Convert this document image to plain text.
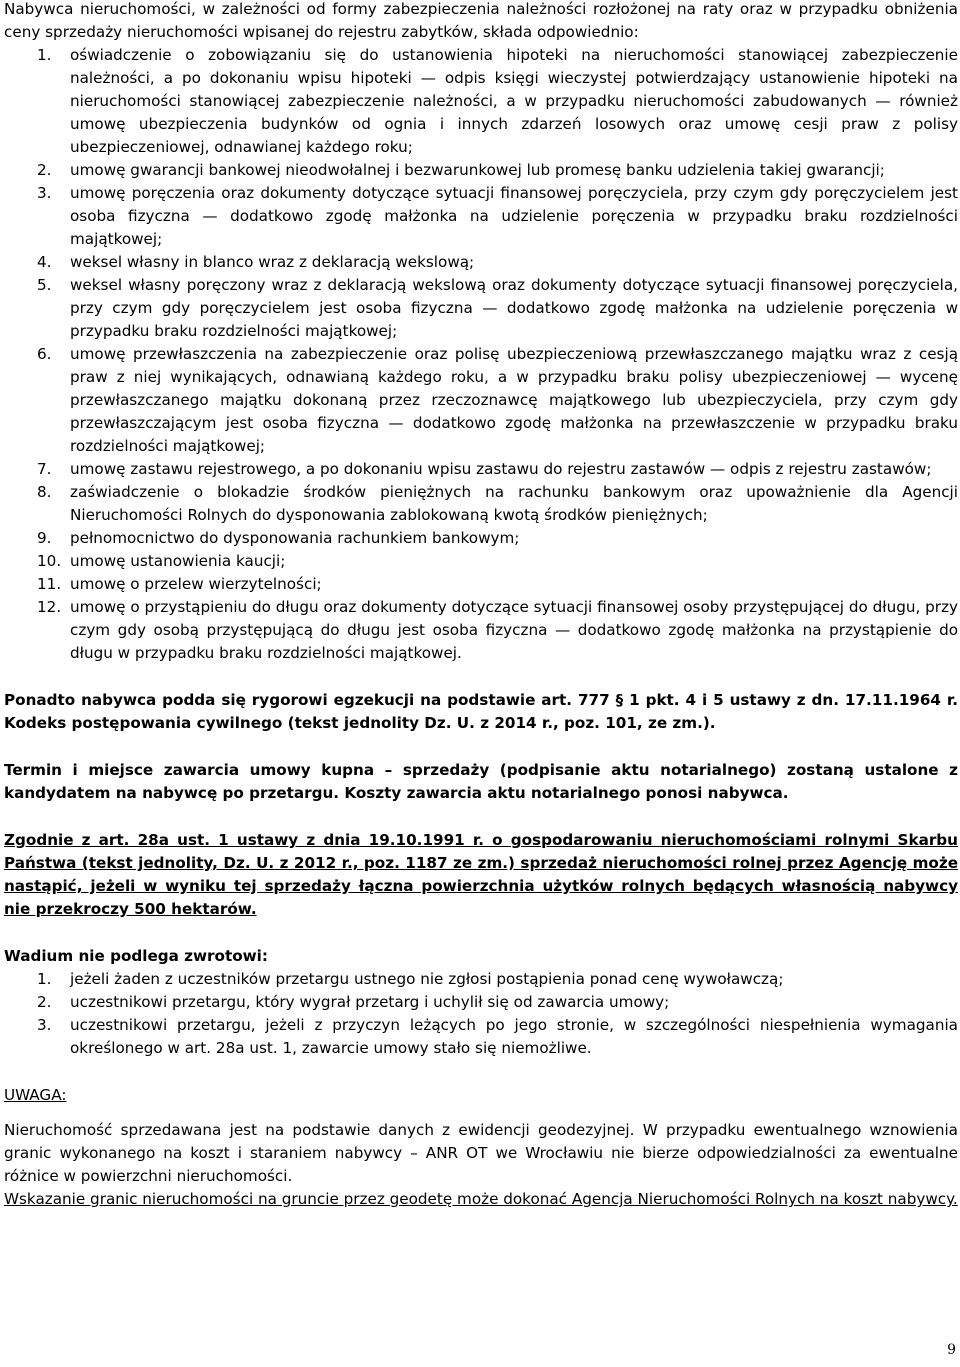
Nabywca nieruchomości, w zależności od formy zabezpieczenia należności rozłożonej na raty oraz w przypadku obniżenia ceny sprzedaży nieruchomości wpisanej do rejestru zabytków, składa odpowiednio:

1. oświadczenie o zobowiązaniu się do ustanowienia hipoteki na nieruchomości stanowiącej zabezpieczenie należności, a po dokonaniu wpisu hipoteki — odpis księgi wieczystej potwierdzający ustanowienie hipoteki na nieruchomości stanowiącej zabezpieczenie należności, a w przypadku nieruchomości zabudowanych — również umowę ubezpieczenia budynków od ognia i innych zdarzeń losowych oraz umowę cesji praw z polisy ubezpieczeniowej, odnawianej każdego roku;
2. umowę gwarancji bankowej nieodwołalnej i bezwarunkowej lub promesę banku udzielenia takiej gwarancji;
3. umowę poręczenia oraz dokumenty dotyczące sytuacji finansowej poręczyciela, przy czym gdy poręczycielem jest osoba fizyczna — dodatkowo zgodę małżonka na udzielenie poręczenia w przypadku braku rozdzielności majątkowej;
4. weksel własny in blanco wraz z deklaracją wekslową;
5. weksel własny poręczony wraz z deklaracją wekslową oraz dokumenty dotyczące sytuacji finansowej poręczyciela, przy czym gdy poręczycielem jest osoba fizyczna — dodatkowo zgodę małżonka na udzielenie poręczenia w przypadku braku rozdzielności majątkowej;
6. umowę przewłaszczenia na zabezpieczenie oraz polisę ubezpieczeniową przewłaszczanego majątku wraz z cesją praw z niej wynikających, odnawianą każdego roku, a w przypadku braku polisy ubezpieczeniowej — wycenę przewłaszczanego majątku dokonaną przez rzeczoznawcę majątkowego lub ubezpieczyciela, przy czym gdy przewłaszczającym jest osoba fizyczna — dodatkowo zgodę małżonka na przewłaszczenie w przypadku braku rozdzielności majątkowej;
7. umowę zastawu rejestrowego, a po dokonaniu wpisu zastawu do rejestru zastawów — odpis z rejestru zastawów;
8. zaświadczenie o blokadzie środków pieniężnych na rachunku bankowym oraz upoważnienie dla Agencji Nieruchomości Rolnych do dysponowania zablokowaną kwotą środków pieniężnych;
9. pełnomocnictwo do dysponowania rachunkiem bankowym;
10. umowę ustanowienia kaucji;
11. umowę o przelew wierzytelności;
12. umowę o przystąpieniu do długu oraz dokumenty dotyczące sytuacji finansowej osoby przystępującej do długu, przy czym gdy osobą przystępującą do długu jest osoba fizyczna — dodatkowo zgodę małżonka na przystąpienie do długu w przypadku braku rozdzielności majątkowej.

Ponadto nabywca podda się rygorowi egzekucji na podstawie art. 777 § 1 pkt. 4 i 5 ustawy z dn. 17.11.1964 r. Kodeks postępowania cywilnego (tekst jednolity Dz. U. z 2014 r., poz. 101, ze zm.).

Termin i miejsce zawarcia umowy kupna – sprzedaży (podpisanie aktu notarialnego) zostaną ustalone z kandydatem na nabywcę po przetargu. Koszty zawarcia aktu notarialnego ponosi nabywca.

Zgodnie z art. 28a ust. 1 ustawy z dnia 19.10.1991 r. o gospodarowaniu nieruchomościami rolnymi Skarbu Państwa (tekst jednolity, Dz. U. z 2012 r., poz. 1187 ze zm.) sprzedaż nieruchomości rolnej przez Agencję może nastąpić, jeżeli w wyniku tej sprzedaży łączna powierzchnia użytków rolnych będących własnością nabywcy nie przekroczy 500 hektarów.

Wadium nie podlega zwrotowi:

1. jeżeli żaden z uczestników przetargu ustnego nie zgłosi postąpienia ponad cenę wywoławczą;
2. uczestnikowi przetargu, który wygrał przetarg i uchylił się od zawarcia umowy;
3. uczestnikowi przetargu, jeżeli z przyczyn leżących po jego stronie, w szczególności niespełnienia wymagania określonego w art. 28a ust. 1, zawarcie umowy stało się niemożliwe.

UWAGA:

Nieruchomość sprzedawana jest na podstawie danych z ewidencji geodezyjnej. W przypadku ewentualnego wznowienia granic wykonanego na koszt i staraniem nabywcy – ANR OT we Wrocławiu nie bierze odpowiedzialności za ewentualne różnice w powierzchni nieruchomości.

Wskazanie granic nieruchomości na gruncie przez geodetę może dokonać Agencja Nieruchomości Rolnych na koszt nabywcy.

9
